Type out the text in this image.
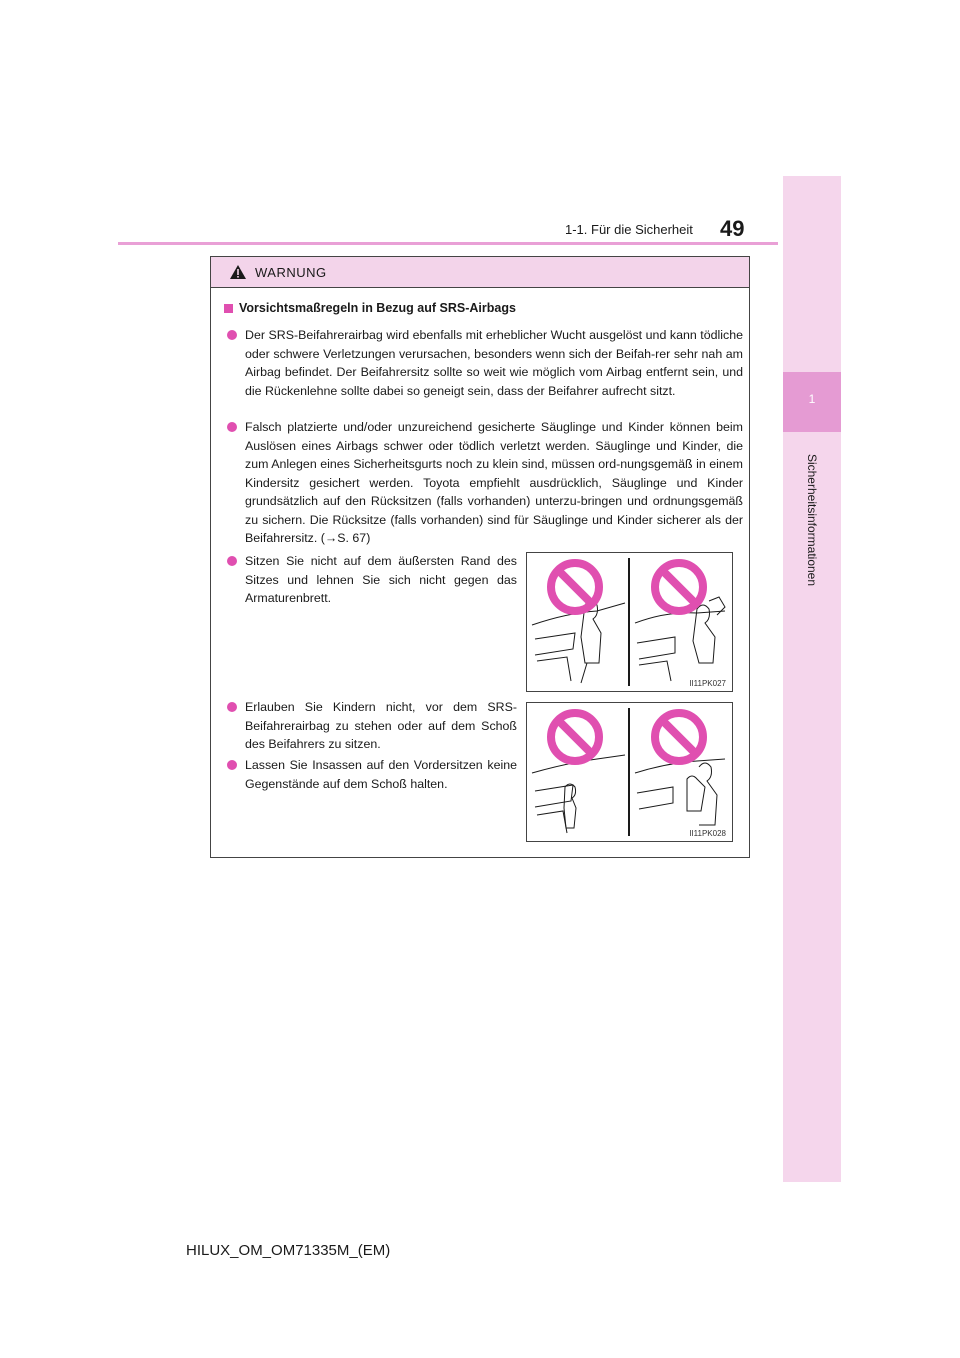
1-1. Für die Sicherheit 49
1
Sicherheitsinformationen
WARNUNG
Vorsichtsmaßregeln in Bezug auf SRS-Airbags
Der SRS-Beifahrerairbag wird ebenfalls mit erheblicher Wucht ausgelöst und kann tödliche oder schwere Verletzungen verursachen, besonders wenn sich der Beifah-rer sehr nah am Airbag befindet. Der Beifahrersitz sollte so weit wie möglich vom Airbag entfernt sein, und die Rückenlehne sollte dabei so geneigt sein, dass der Beifahrer aufrecht sitzt.
Falsch platzierte und/oder unzureichend gesicherte Säuglinge und Kinder können beim Auslösen eines Airbags schwer oder tödlich verletzt werden. Säuglinge und Kinder, die zum Anlegen eines Sicherheitsgurts noch zu klein sind, müssen ord-nungsgemäß in einem Kindersitz gesichert werden. Toyota empfiehlt ausdrücklich, Säuglinge und Kinder grundsätzlich auf den Rücksitzen (falls vorhanden) unterzu-bringen und ordnungsgemäß zu sichern. Die Rücksitze (falls vorhanden) sind für Säuglinge und Kinder sicherer als der Beifahrersitz. (→S. 67)
Sitzen Sie nicht auf dem äußersten Rand des Sitzes und lehnen Sie sich nicht gegen das Armaturenbrett.
Erlauben Sie Kindern nicht, vor dem SRS-Beifahrerairbag zu stehen oder auf dem Schoß des Beifahrers zu sitzen.
Lassen Sie Insassen auf den Vordersitzen keine Gegenstände auf dem Schoß halten.
II11PK027
II11PK028
HILUX_OM_OM71335M_(EM)
